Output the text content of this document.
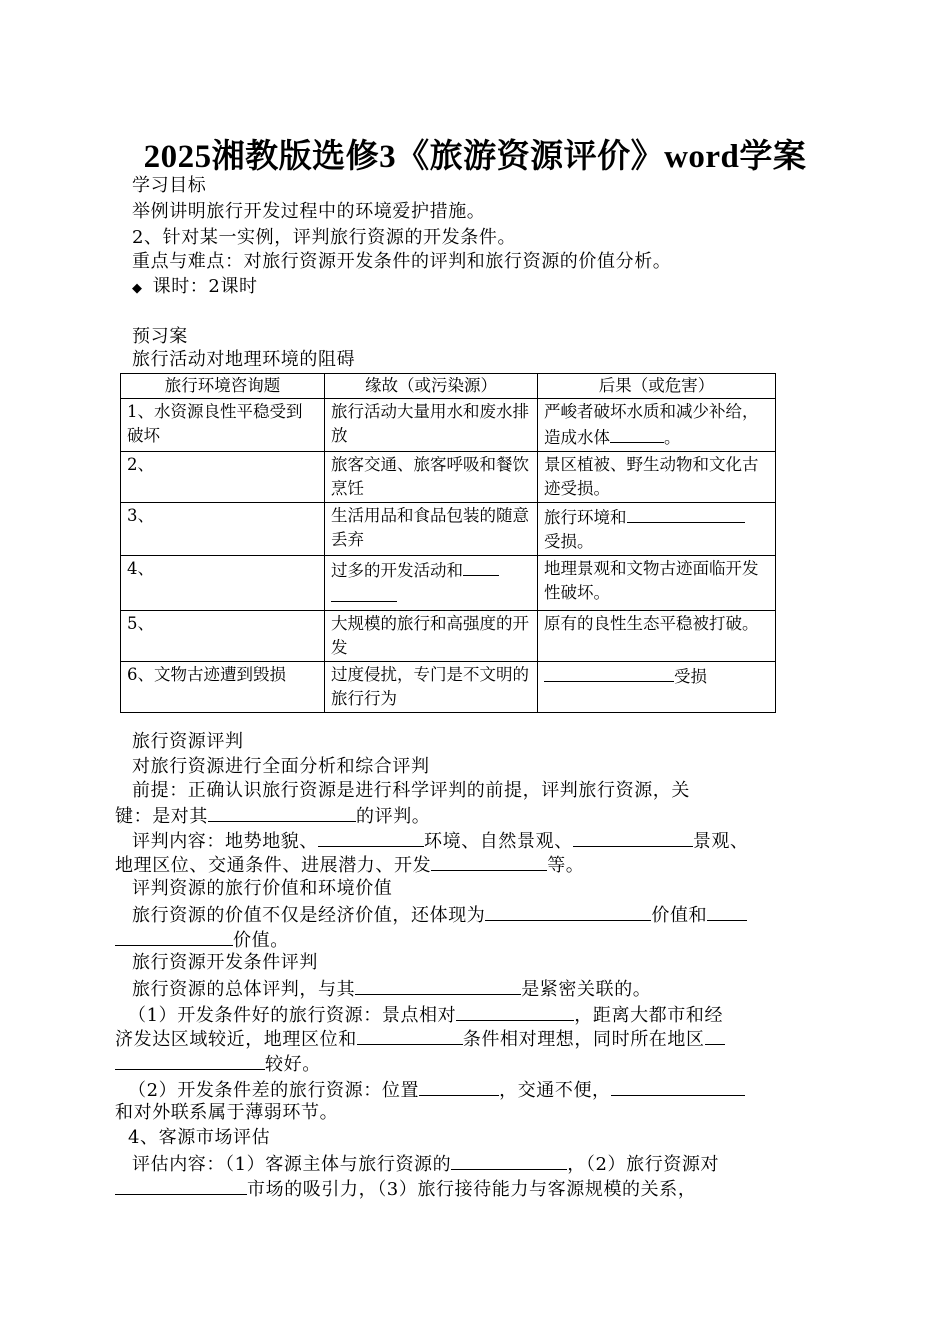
2025湘教版选修3《旅游资源评价》word学案
学习目标
举例讲明旅行开发过程中的环境爱护措施。
2、针对某一实例，评判旅行资源的开发条件。
重点与难点：对旅行资源开发条件的评判和旅行资源的价值分析。
◆ 课时：2课时
预习案
旅行活动对地理环境的阻碍
旅行环境咨询题	缘故（或污染源）	后果（或危害）
1、水资源良性平稳受到破坏	旅行活动大量用水和废水排放	严峻者破坏水质和减少补给，造成水体 。
2、	旅客交通、旅客呼吸和餐饮烹饪	景区植被、野生动物和文化古迹受损。
3、	生活用品和食品包装的随意丢弃	旅行环境和
受损。
4、	过多的开发活动和	地理景观和文物古迹面临开发性破坏。
5、	大规模的旅行和高强度的开发	原有的良性生态平稳被打破。
6、文物古迹遭到毁损	过度侵扰，专门是不文明的旅行行为	受损
旅行资源评判
对旅行资源进行全面分析和综合评判
前提：正确认识旅行资源是进行科学评判的前提，评判旅行资源，关
键：是对其	的评判。
评判内容：地势地貌、	环境、自然景观、	景观、
地理区位、交通条件、进展潜力、开发	等。
评判资源的旅行价值和环境价值
旅行资源的价值不仅是经济价值，还体现为	价值和
价值。
旅行资源开发条件评判
旅行资源的总体评判，与其	是紧密关联的。
（1）开发条件好的旅行资源：景点相对	，距离大都市和经
济发达区域较近，地理区位和	条件相对理想，同时所在地区
较好。
（2）开发条件差的旅行资源：位置	，交通不便，
和对外联系属于薄弱环节。
4、客源市场评估
评估内容：（1）客源主体与旅行资源的	，（2）旅行资源对
市场的吸引力，（3）旅行接待能力与客源规模的关系，
